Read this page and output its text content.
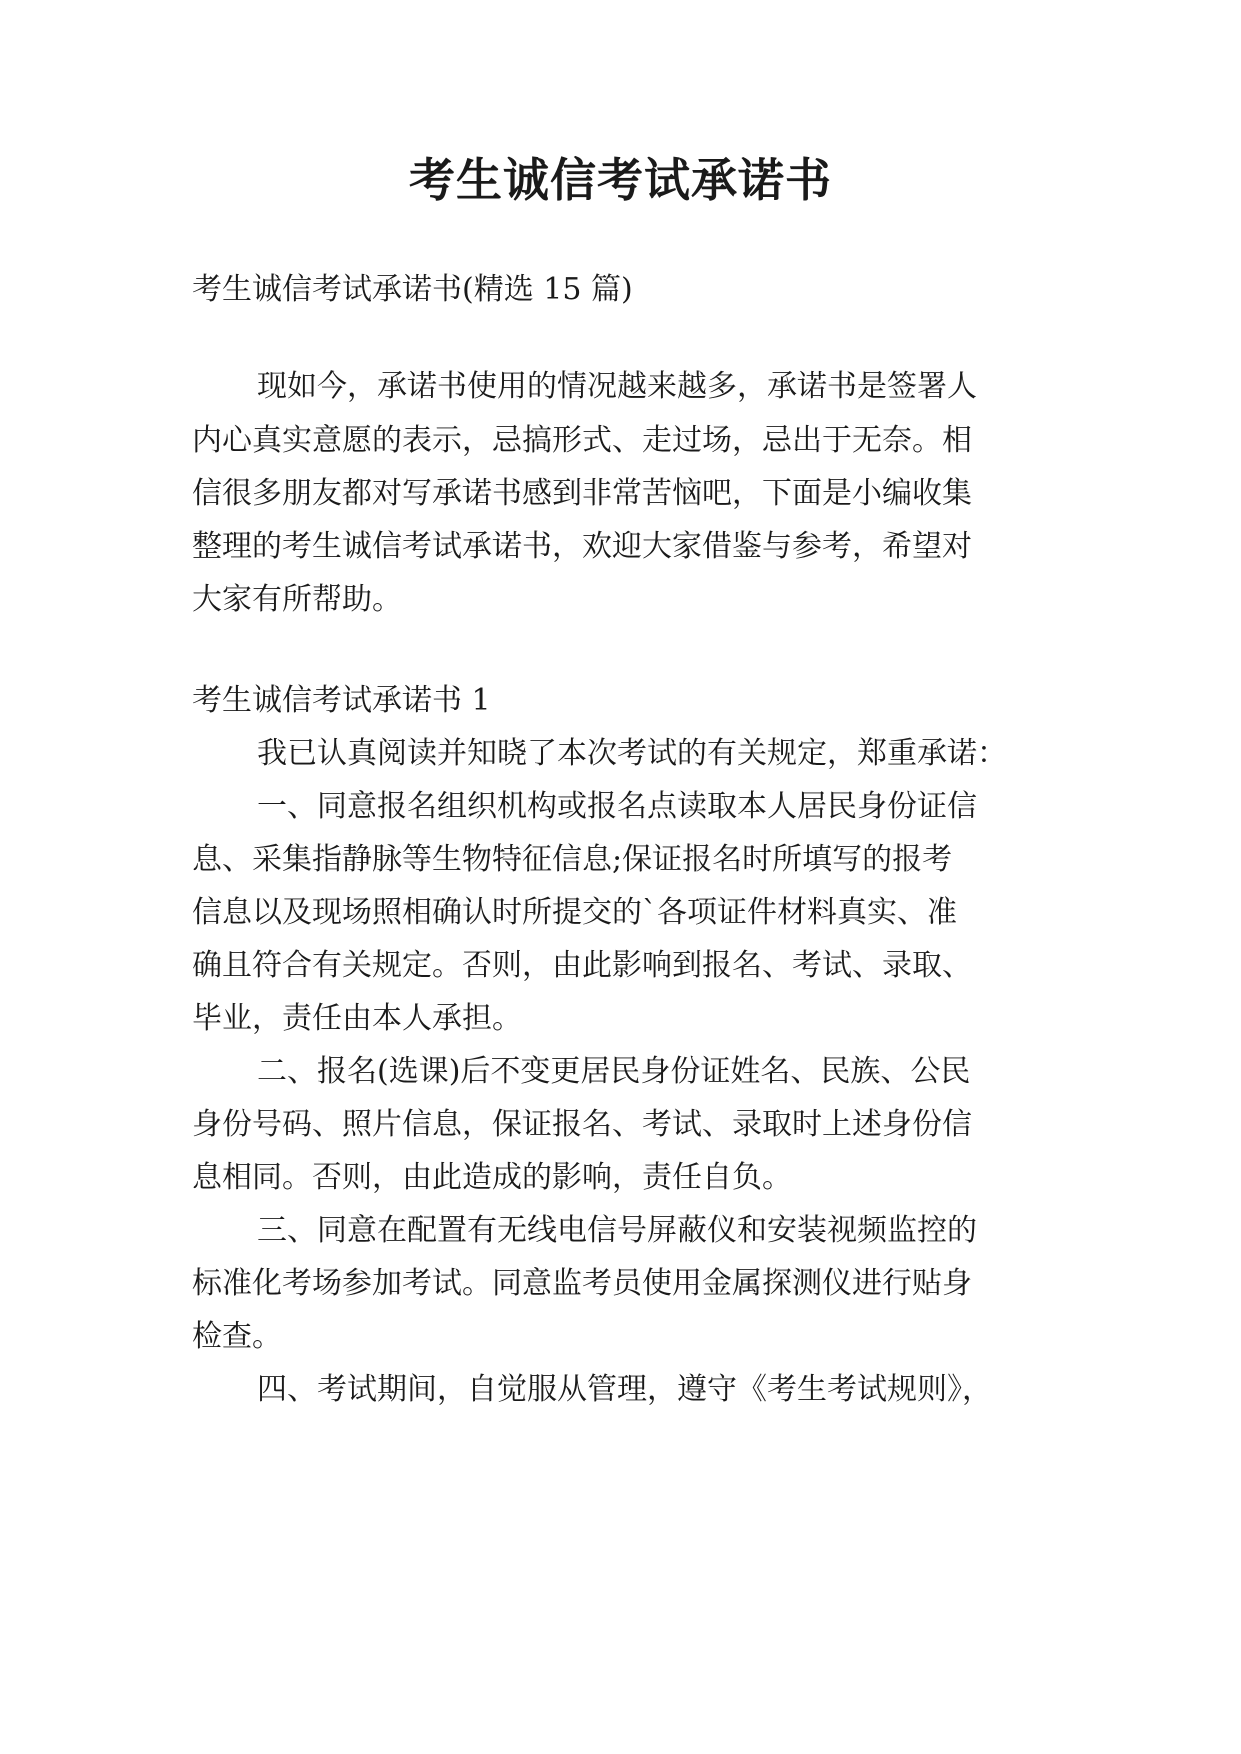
考生诚信考试承诺书
考生诚信考试承诺书(精选 15 篇)
现如今，承诺书使用的情况越来越多，承诺书是签署人
内心真实意愿的表示，忌搞形式、走过场，忌出于无奈。相
信很多朋友都对写承诺书感到非常苦恼吧，下面是小编收集
整理的考生诚信考试承诺书，欢迎大家借鉴与参考，希望对
大家有所帮助。
考生诚信考试承诺书 1
我已认真阅读并知晓了本次考试的有关规定，郑重承诺：
一、同意报名组织机构或报名点读取本人居民身份证信
息、采集指静脉等生物特征信息;保证报名时所填写的报考
信息以及现场照相确认时所提交的`各项证件材料真实、准
确且符合有关规定。否则，由此影响到报名、考试、录取、
毕业，责任由本人承担。
二、报名(选课)后不变更居民身份证姓名、民族、公民
身份号码、照片信息，保证报名、考试、录取时上述身份信
息相同。否则，由此造成的影响，责任自负。
三、同意在配置有无线电信号屏蔽仪和安装视频监控的
标准化考场参加考试。同意监考员使用金属探测仪进行贴身
检查。
四、考试期间，自觉服从管理，遵守《考生考试规则》，
